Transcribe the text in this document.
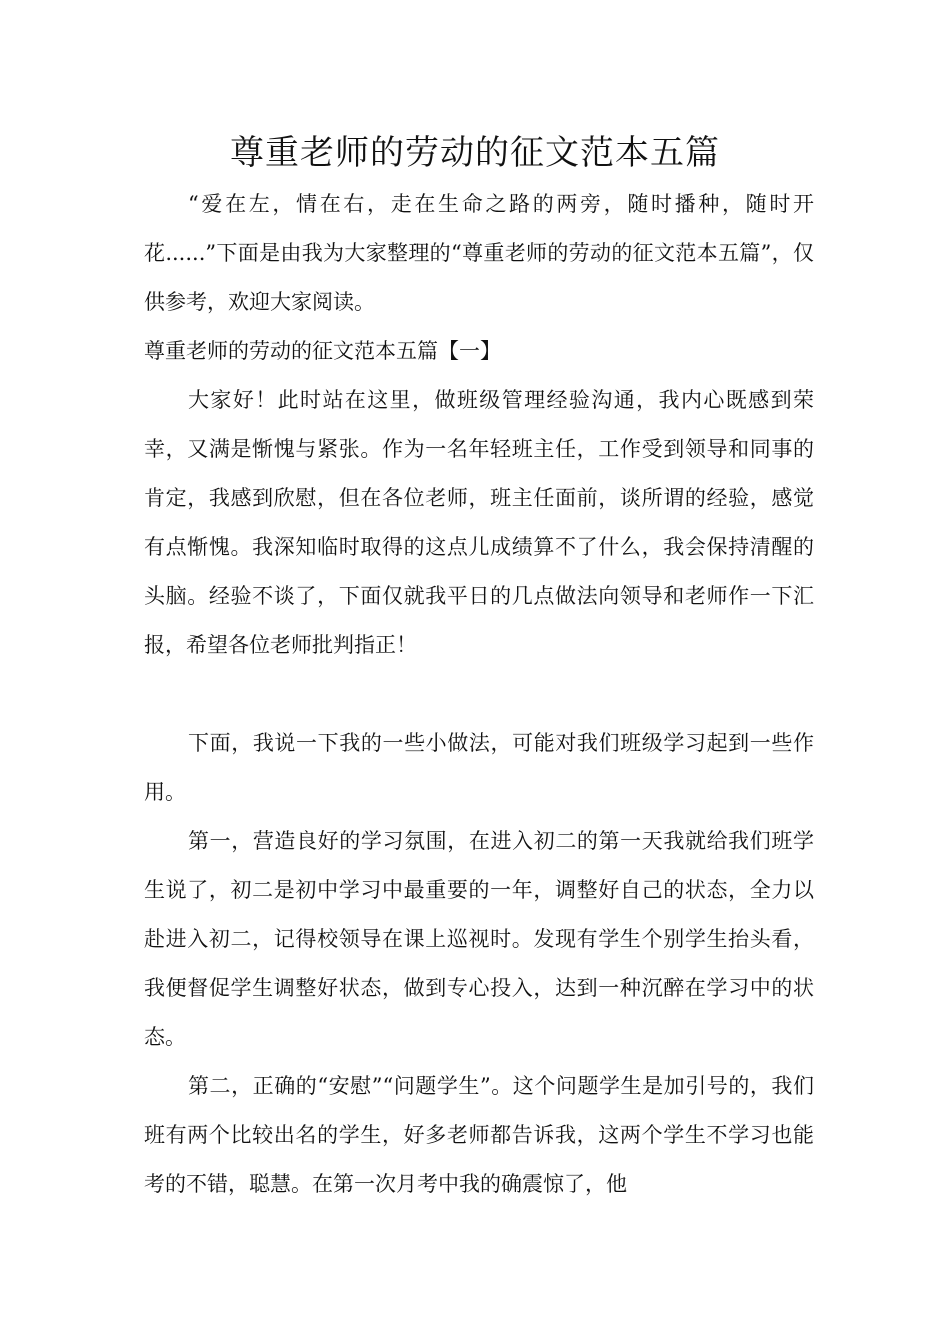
尊重老师的劳动的征文范本五篇

“爱在左，情在右，走在生命之路的两旁，随时播种，随时开花......”下面是由我为大家整理的“尊重老师的劳动的征文范本五篇”，仅供参考，欢迎大家阅读。

尊重老师的劳动的征文范本五篇【一】

大家好！此时站在这里，做班级管理经验沟通，我内心既感到荣幸，又满是惭愧与紧张。作为一名年轻班主任，工作受到领导和同事的肯定，我感到欣慰，但在各位老师，班主任面前，谈所谓的经验，感觉有点惭愧。我深知临时取得的这点儿成绩算不了什么，我会保持清醒的头脑。经验不谈了，下面仅就我平日的几点做法向领导和老师作一下汇报，希望各位老师批判指正！

下面，我说一下我的一些小做法，可能对我们班级学习起到一些作用。

第一，营造良好的学习氛围，在进入初二的第一天我就给我们班学生说了，初二是初中学习中最重要的一年，调整好自己的状态，全力以赴进入初二，记得校领导在课上巡视时。发现有学生个别学生抬头看，我便督促学生调整好状态，做到专心投入，达到一种沉醉在学习中的状态。

第二，正确的“安慰”“问题学生”。这个问题学生是加引号的，我们班有两个比较出名的学生，好多老师都告诉我，这两个学生不学习也能考的不错，聪慧。在第一次月考中我的确震惊了，他
